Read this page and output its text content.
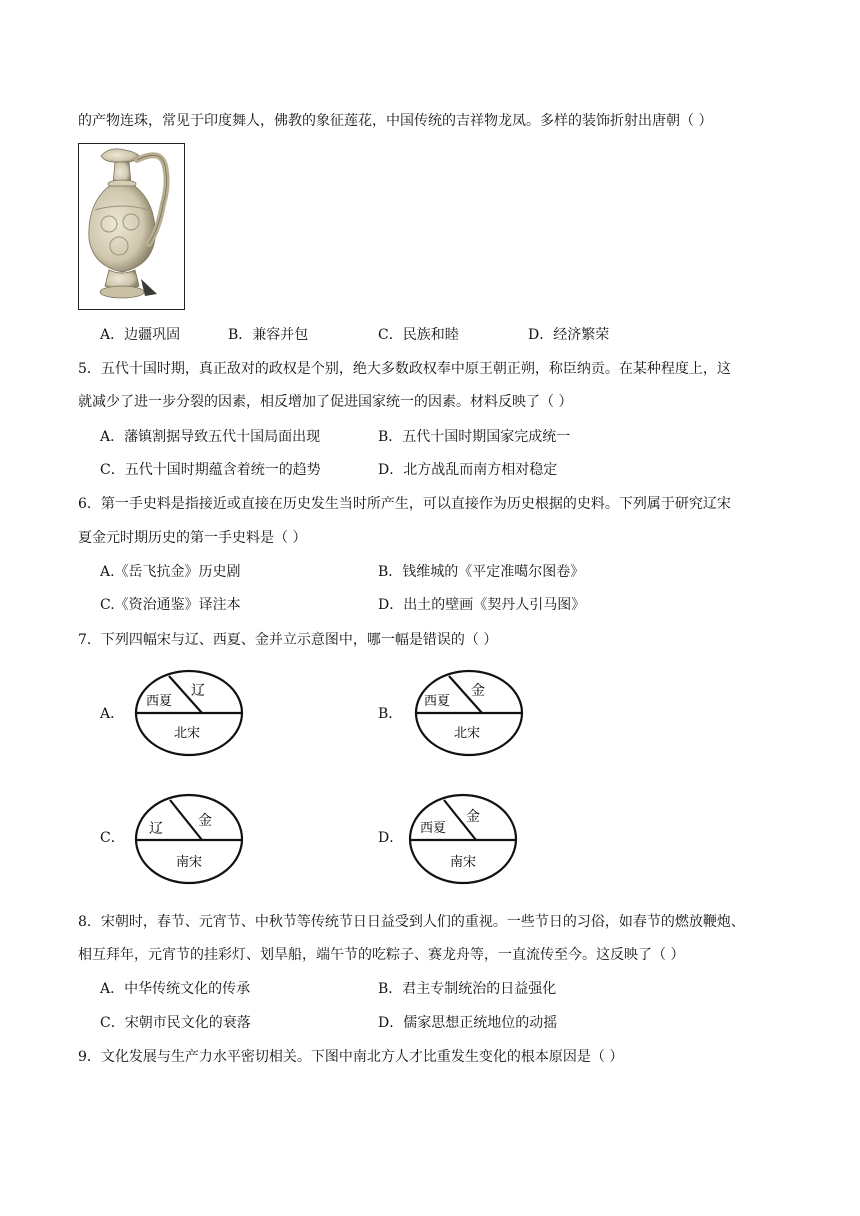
的产物连珠，常见于印度舞人，佛教的象征莲花，中国传统的吉祥物龙凤。多样的装饰折射出唐朝（ ）
A．边疆巩固	B．兼容并包	C．民族和睦	D．经济繁荣
5．五代十国时期，真正敌对的政权是个别，绝大多数政权奉中原王朝正朔，称臣纳贡。在某种程度上，这
就减少了进一步分裂的因素，相反增加了促进国家统一的因素。材料反映了（ ）
A．藩镇割据导致五代十国局面出现	B．五代十国时期国家完成统一
C．五代十国时期蕴含着统一的趋势	D．北方战乱而南方相对稳定
6．第一手史料是指接近或直接在历史发生当时所产生，可以直接作为历史根据的史料。下列属于研究辽宋
夏金元时期历史的第一手史料是（ ）
A.《岳飞抗金》历史剧	B．钱维城的《平定准噶尔图卷》
C.《资治通鉴》译注本	D．出土的壁画《契丹人引马图》
7．下列四幅宋与辽、西夏、金并立示意图中，哪一幅是错误的（ ）
A．
西夏
辽
北宋
B．
西夏
金
北宋
C．
辽	金
南宋
D．
西夏
金
南宋
8．宋朝时，春节、元宵节、中秋节等传统节日日益受到人们的重视。一些节日的习俗，如春节的燃放鞭炮、
相互拜年，元宵节的挂彩灯、划旱船，端午节的吃粽子、赛龙舟等，一直流传至今。这反映了（ ）
A．中华传统文化的传承	B．君主专制统治的日益强化
C．宋朝市民文化的衰落	D．儒家思想正统地位的动摇
9．文化发展与生产力水平密切相关。下图中南北方人才比重发生变化的根本原因是（ ）
